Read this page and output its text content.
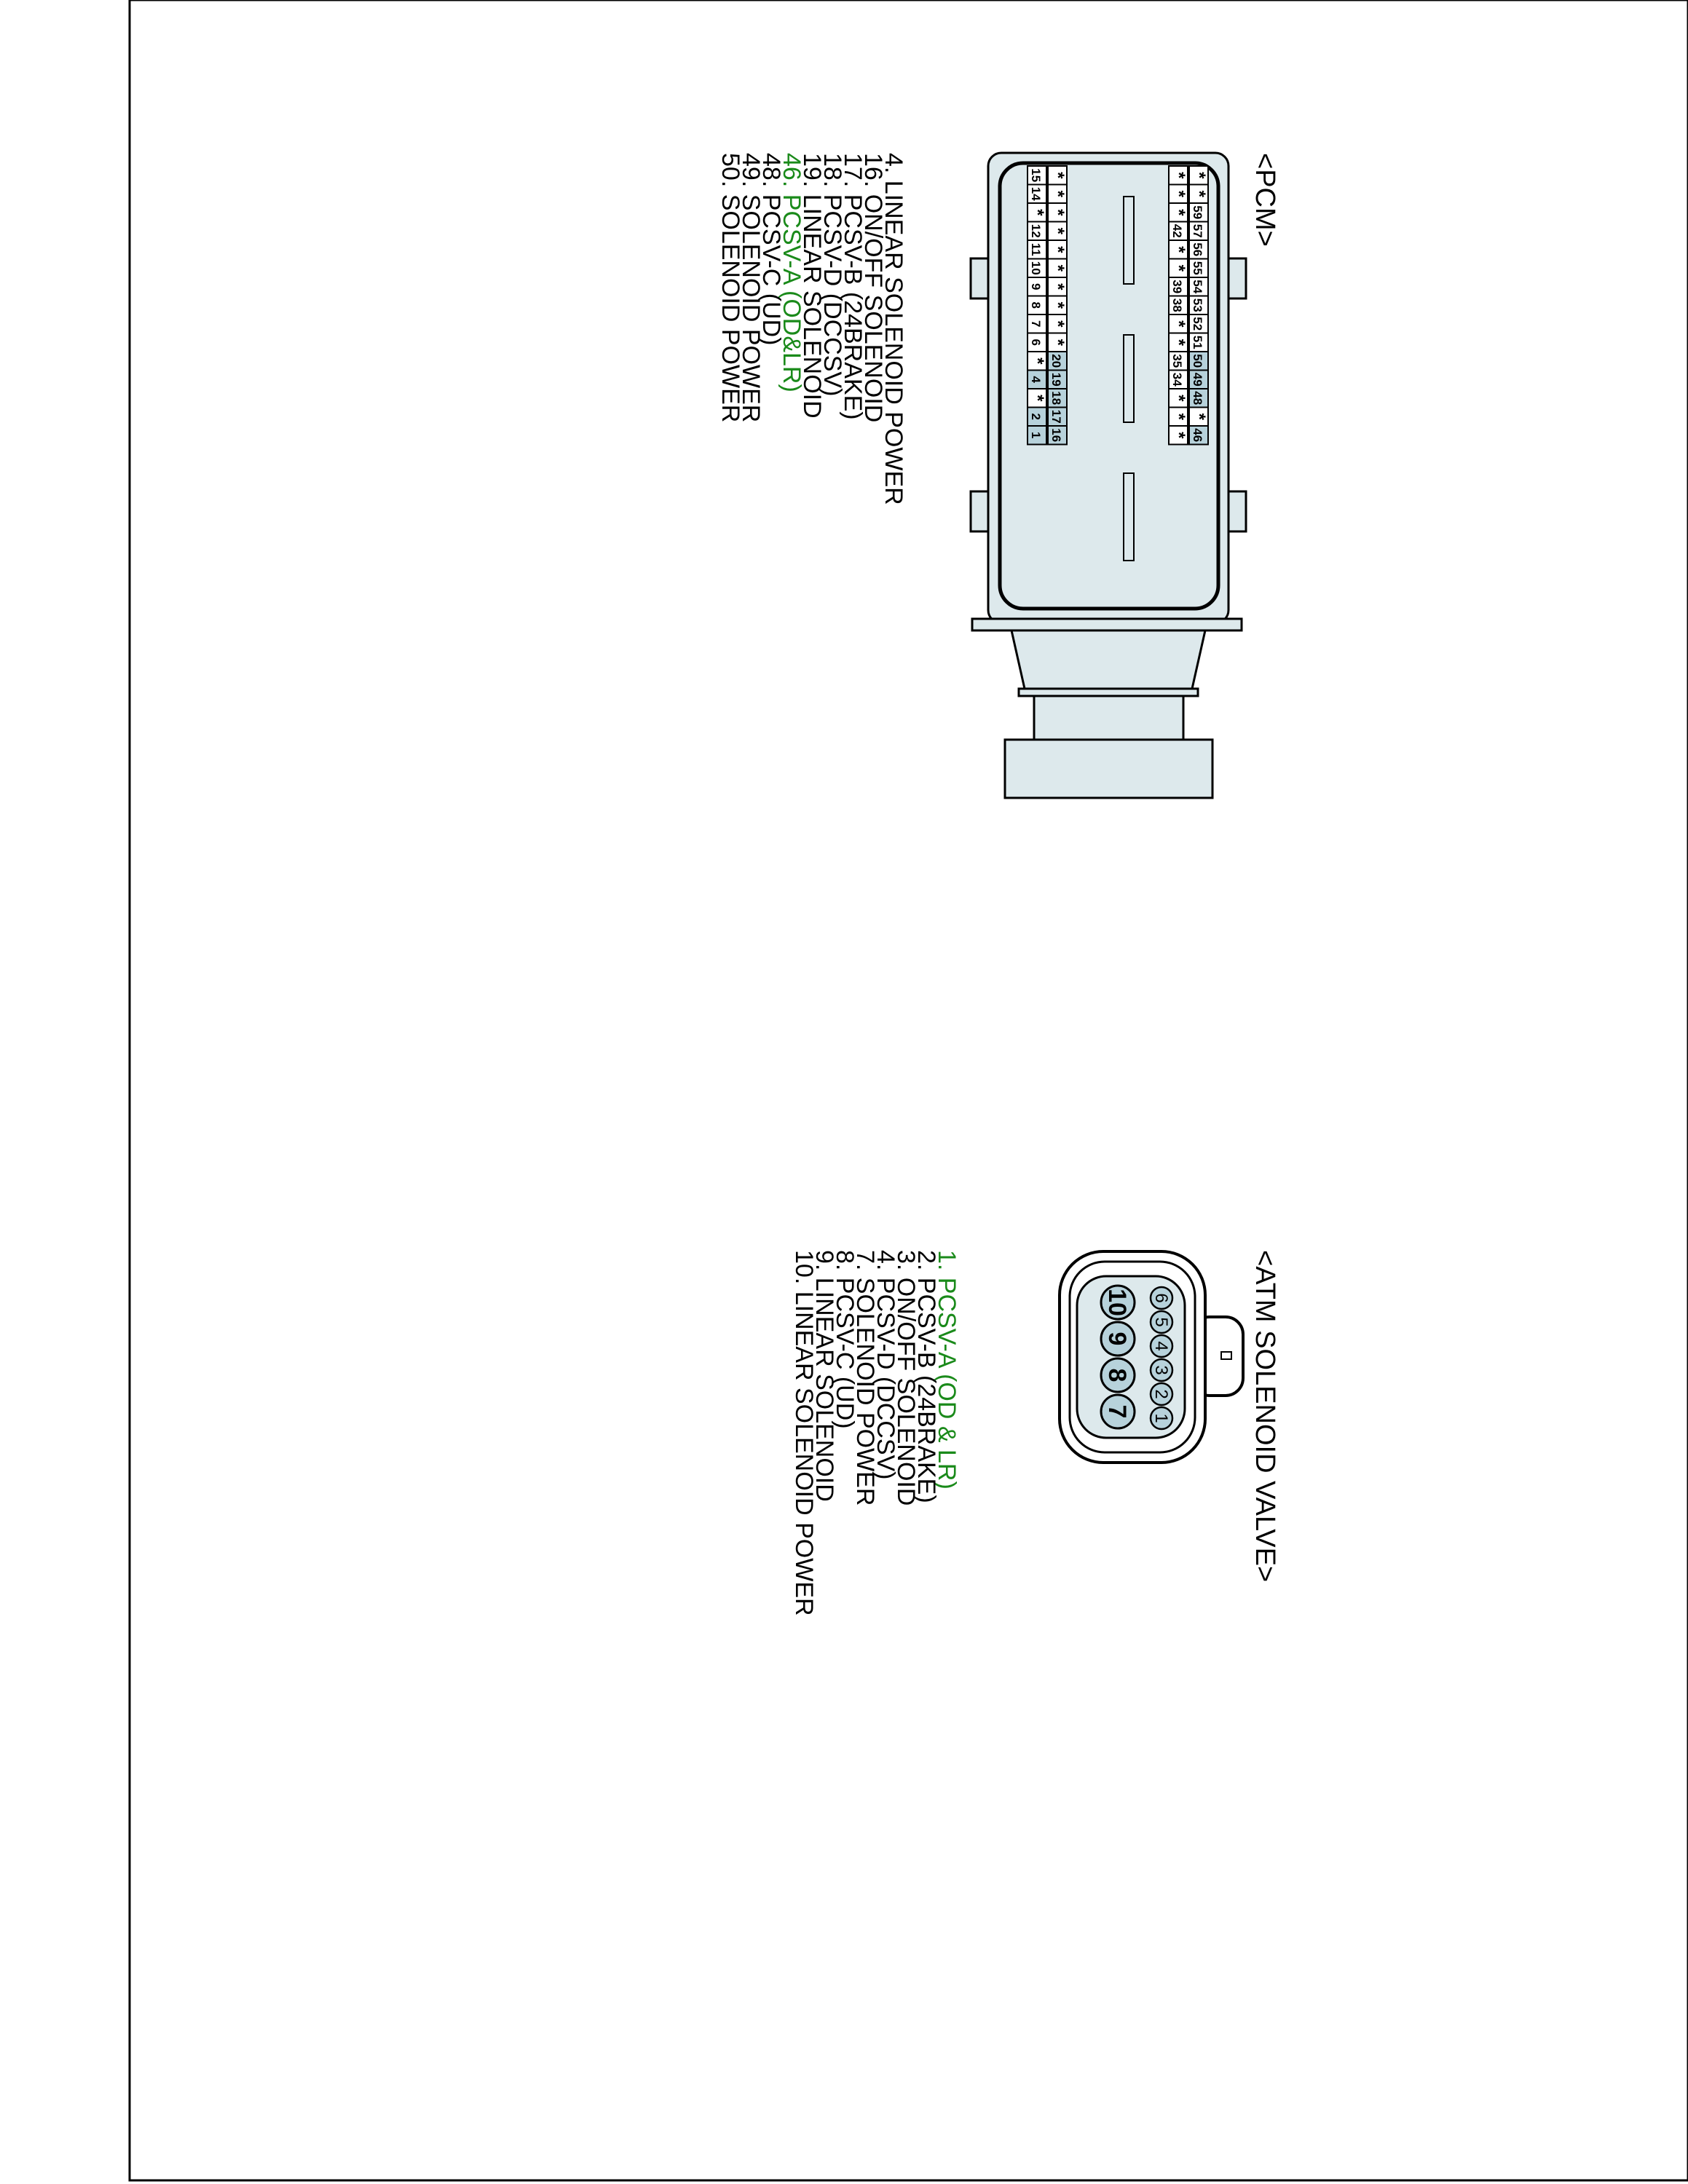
<PCM>
*
*
59
57
56
55
54
53
52
51
50
49
48
*
46
*
*
*
42
*
*
39
38
*
*
35
34
*
*
*
*
*
*
*
*
*
*
*
*
*
20
19
18
17
16
15
14
*
12
11
10
9
8
7
6
*
4
*
2
1
4. LINEAR SOLENOID POWER
16. ON/OFF SOLENOID
17. PCSV-B (24BRAKE)
18. PCSV-D (DCCSV)
19. LINEAR SOLENOID
46. PCSV-A (OD&LR)
48. PCSV-C (UD)
49. SOLENOID POWER
50. SOLENOID POWER
<ATM SOLENOID VALVE>
6
5
4
3
2
1
10
9
8
7
1. PCSV-A (OD & LR)
2. PCSV-B (24BRAKE)
3. ON/OFF SOLENOID
4. PCSV-D (DCCSV)
7. SOLENOID POWER
8. PCSV-C (UD)
9. LINEAR SOLENOID
10. LINEAR SOLENOID POWER
